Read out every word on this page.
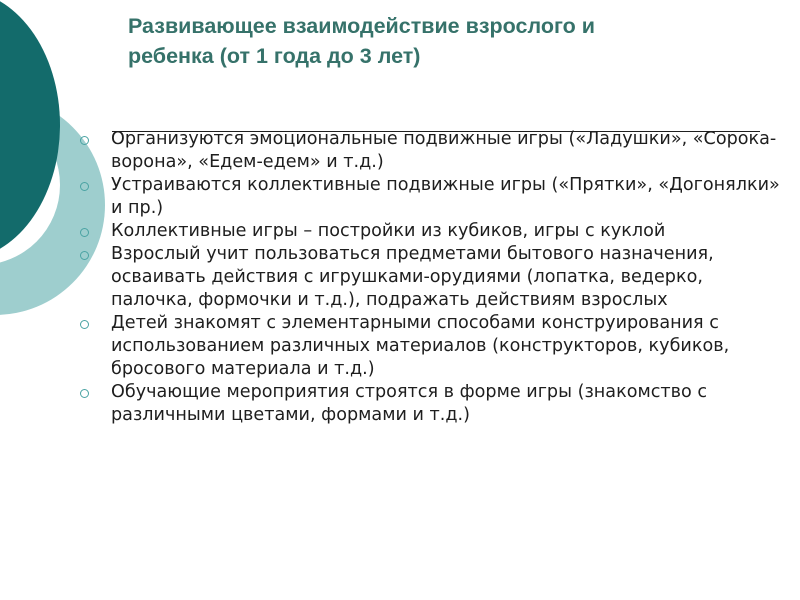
Развивающее взаимодействие взрослого и
ребенка (от 1 года до 3 лет)
Организуются эмоциональные подвижные игры («Ладушки», «Сорока-ворона», «Едем-едем» и т.д.)
Устраиваются коллективные подвижные игры («Прятки», «Догонялки» и пр.)
Коллективные игры – постройки из кубиков, игры с куклой
Взрослый учит пользоваться предметами бытового назначения, осваивать действия с игрушками-орудиями (лопатка, ведерко, палочка, формочки и т.д.), подражать действиям взрослых
Детей знакомят с элементарными способами конструирования с использованием различных материалов (конструкторов, кубиков, бросового материала и т.д.)
Обучающие мероприятия строятся в форме игры (знакомство с различными цветами, формами и т.д.)
